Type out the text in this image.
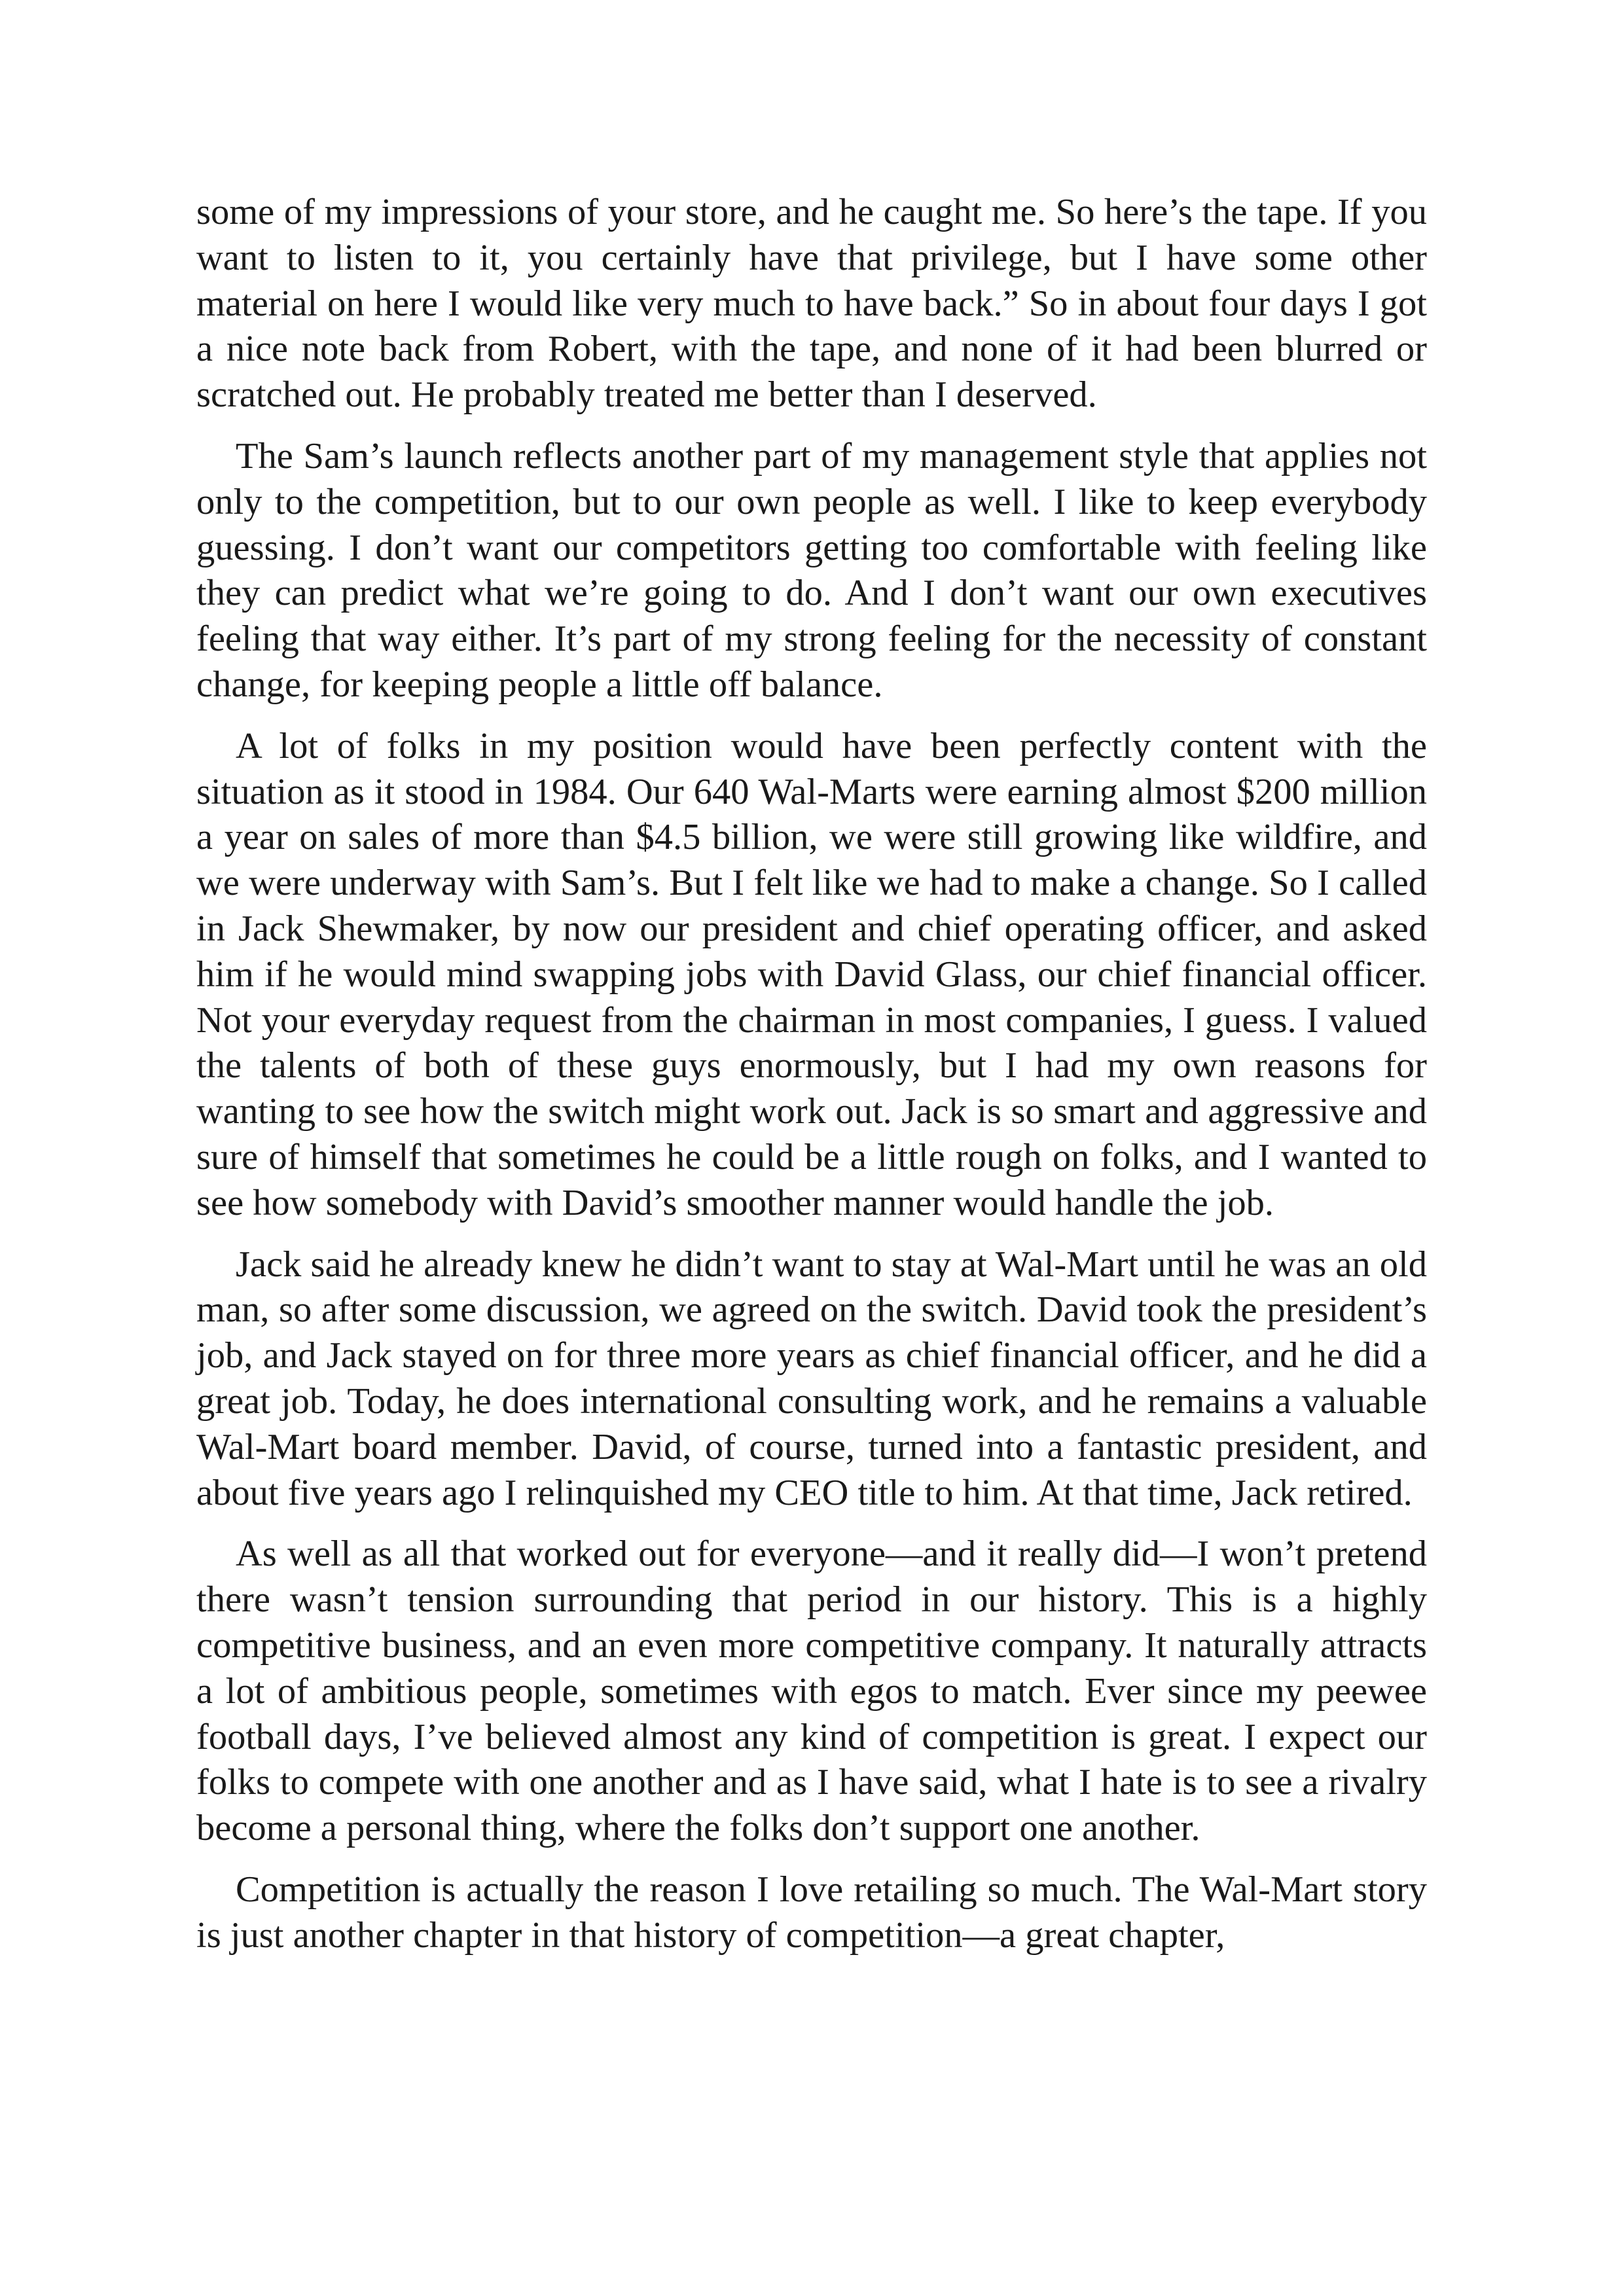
some of my impressions of your store, and he caught me. So here’s the tape. If you want to listen to it, you certainly have that privilege, but I have some other material on here I would like very much to have back.” So in about four days I got a nice note back from Robert, with the tape, and none of it had been blurred or scratched out. He probably treated me better than I deserved.

The Sam’s launch reflects another part of my management style that applies not only to the competition, but to our own people as well. I like to keep everybody guessing. I don’t want our competitors getting too comfortable with feeling like they can predict what we’re going to do. And I don’t want our own executives feeling that way either. It’s part of my strong feeling for the necessity of constant change, for keeping people a little off balance.

A lot of folks in my position would have been perfectly content with the situation as it stood in 1984. Our 640 Wal-Marts were earning almost $200 million a year on sales of more than $4.5 billion, we were still growing like wildfire, and we were underway with Sam’s. But I felt like we had to make a change. So I called in Jack Shewmaker, by now our president and chief operating officer, and asked him if he would mind swapping jobs with David Glass, our chief financial officer. Not your everyday request from the chairman in most companies, I guess. I valued the talents of both of these guys enormously, but I had my own reasons for wanting to see how the switch might work out. Jack is so smart and aggressive and sure of himself that sometimes he could be a little rough on folks, and I wanted to see how somebody with David’s smoother manner would handle the job.

Jack said he already knew he didn’t want to stay at Wal-Mart until he was an old man, so after some discussion, we agreed on the switch. David took the president’s job, and Jack stayed on for three more years as chief financial officer, and he did a great job. Today, he does international consulting work, and he remains a valuable Wal-Mart board member. David, of course, turned into a fantastic president, and about five years ago I relinquished my CEO title to him. At that time, Jack retired.

As well as all that worked out for everyone—and it really did—I won’t pretend there wasn’t tension surrounding that period in our history. This is a highly competitive business, and an even more competitive company. It naturally attracts a lot of ambitious people, sometimes with egos to match. Ever since my peewee football days, I’ve believed almost any kind of competition is great. I expect our folks to compete with one another and as I have said, what I hate is to see a rivalry become a personal thing, where the folks don’t support one another.

Competition is actually the reason I love retailing so much. The Wal-Mart story is just another chapter in that history of competition—a great chapter,
